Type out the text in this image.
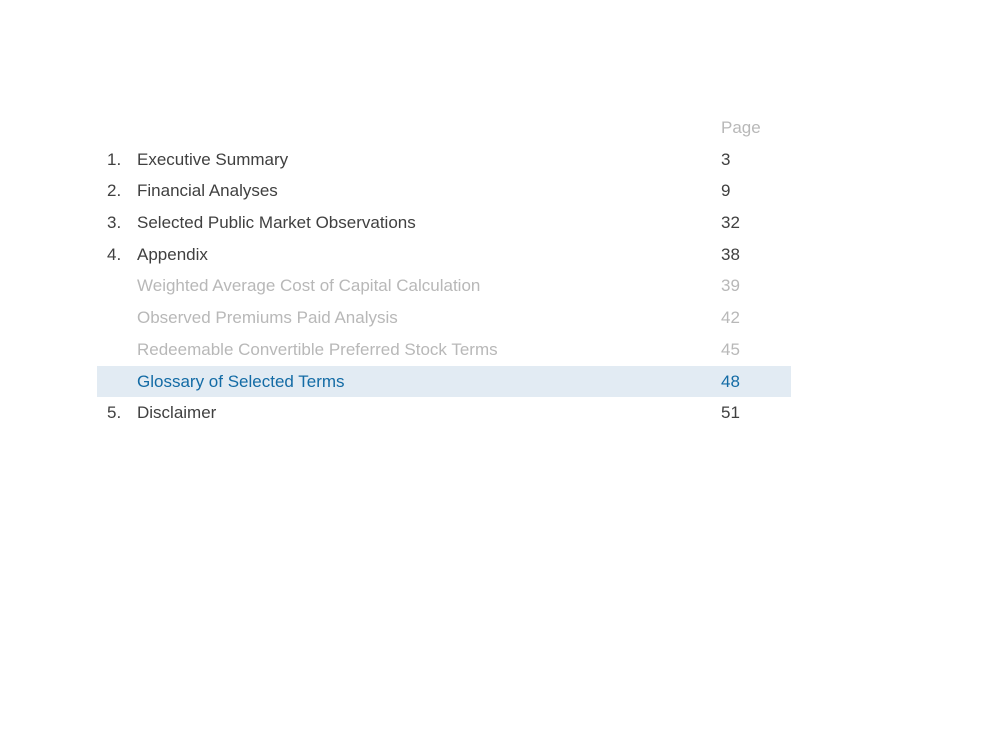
Page
1. Executive Summary	3
2. Financial Analyses	9
3. Selected Public Market Observations	32
4. Appendix	38
Weighted Average Cost of Capital Calculation	39
Observed Premiums Paid Analysis	42
Redeemable Convertible Preferred Stock Terms	45
Glossary of Selected Terms	48
5. Disclaimer	51
